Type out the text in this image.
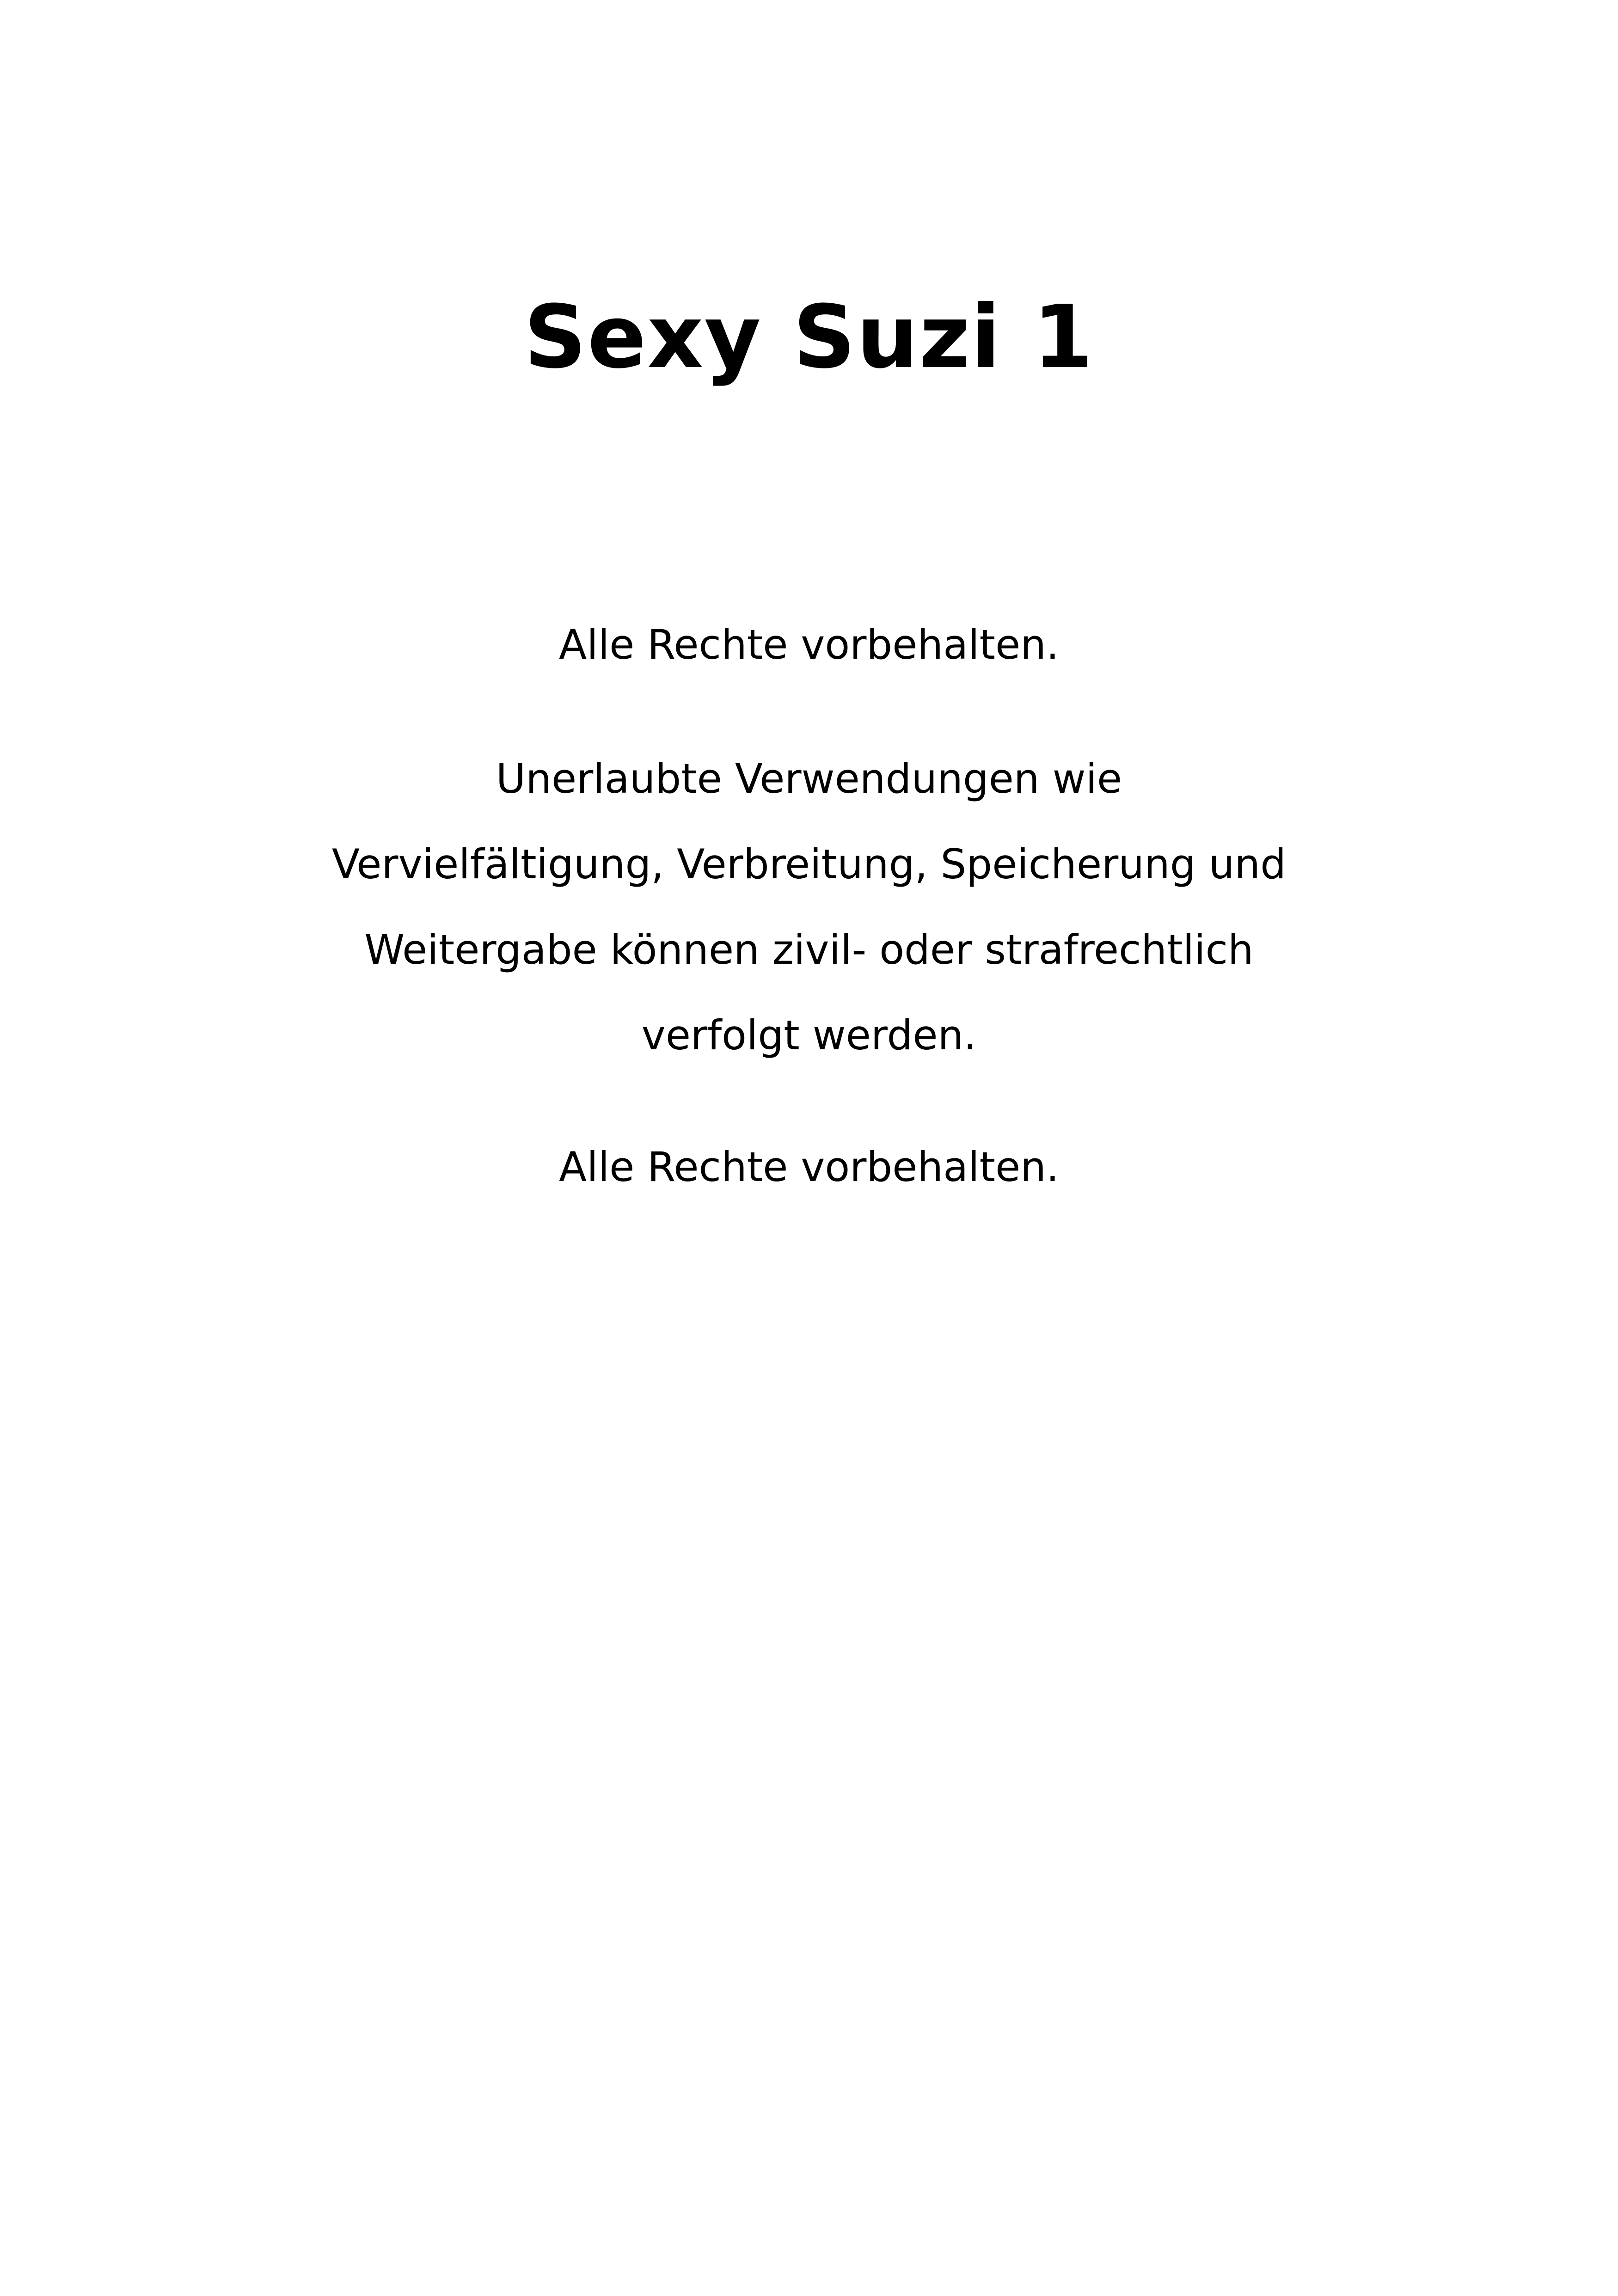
Sexy Suzi 1

Alle Rechte vorbehalten.

Unerlaubte Verwendungen wie

Vervielfältigung, Verbreitung, Speicherung und

Weitergabe können zivil- oder strafrechtlich

verfolgt werden.

Alle Rechte vorbehalten.
